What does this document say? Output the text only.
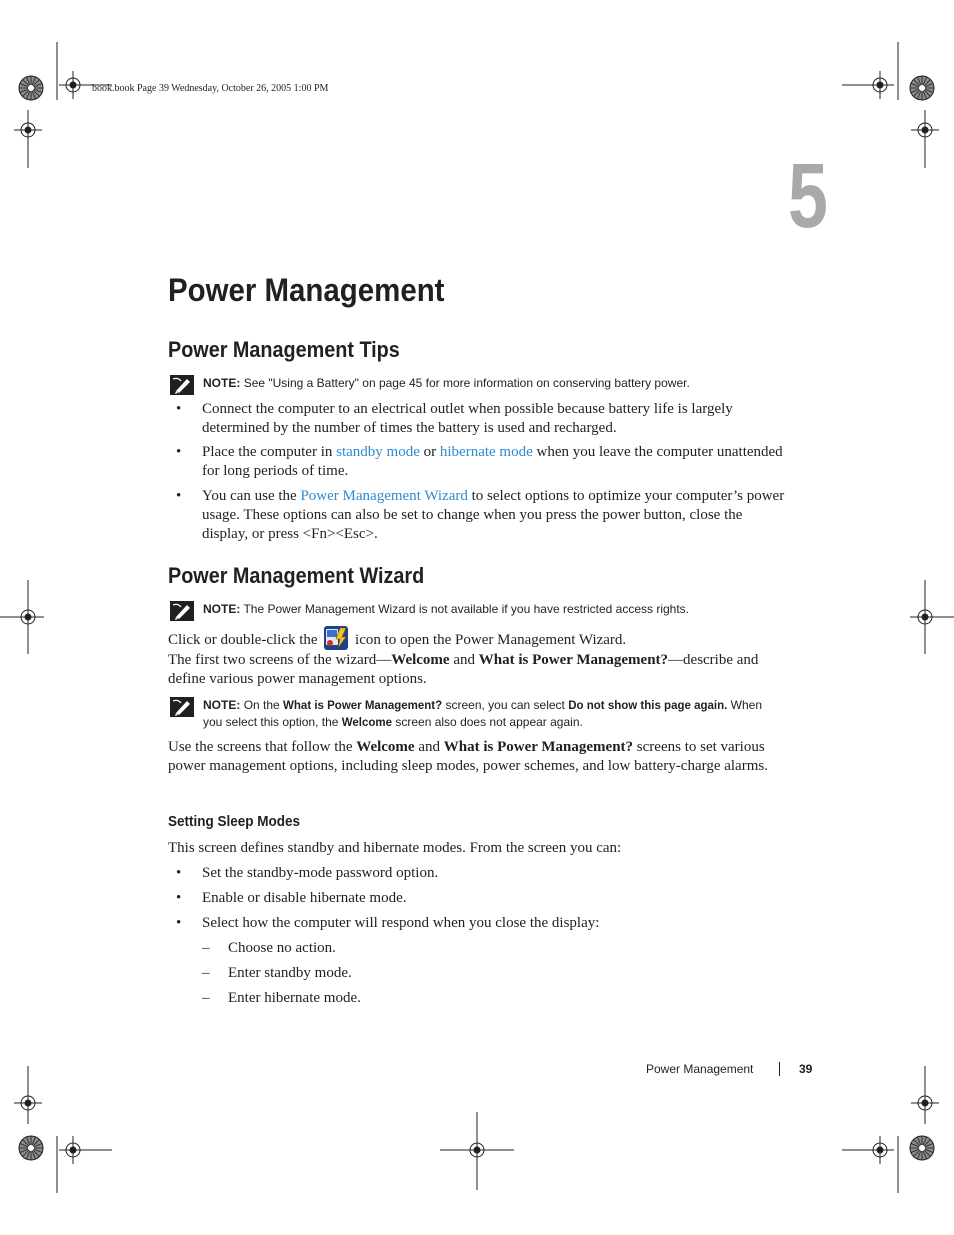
book.book Page 39 Wednesday, October 26, 2005 1:00 PM
5
Power Management
Power Management Tips
NOTE: See "Using a Battery" on page 45 for more information on conserving battery power.
• Connect the computer to an electrical outlet when possible because battery life is largely determined by the number of times the battery is used and recharged.
• Place the computer in standby mode or hibernate mode when you leave the computer unattended for long periods of time.
• You can use the Power Management Wizard to select options to optimize your computer’s power usage. These options can also be set to change when you press the power button, close the display, or press <Fn><Esc>.
Power Management Wizard
NOTE: The Power Management Wizard is not available if you have restricted access rights.
Click or double-click the	icon to open the Power Management Wizard.
The first two screens of the wizard—Welcome and What is Power Management?—describe and define various power management options.
NOTE: On the What is Power Management? screen, you can select Do not show this page again. When
you select this option, the Welcome screen also does not appear again.
Use the screens that follow the Welcome and What is Power Management? screens to set various power management options, including sleep modes, power schemes, and low battery-charge alarms.
Setting Sleep Modes
This screen defines standby and hibernate modes. From the screen you can:
• Set the standby-mode password option.
• Enable or disable hibernate mode.
• Select how the computer will respond when you close the display:
– Choose no action.
– Enter standby mode.
– Enter hibernate mode.
Power Management	39
